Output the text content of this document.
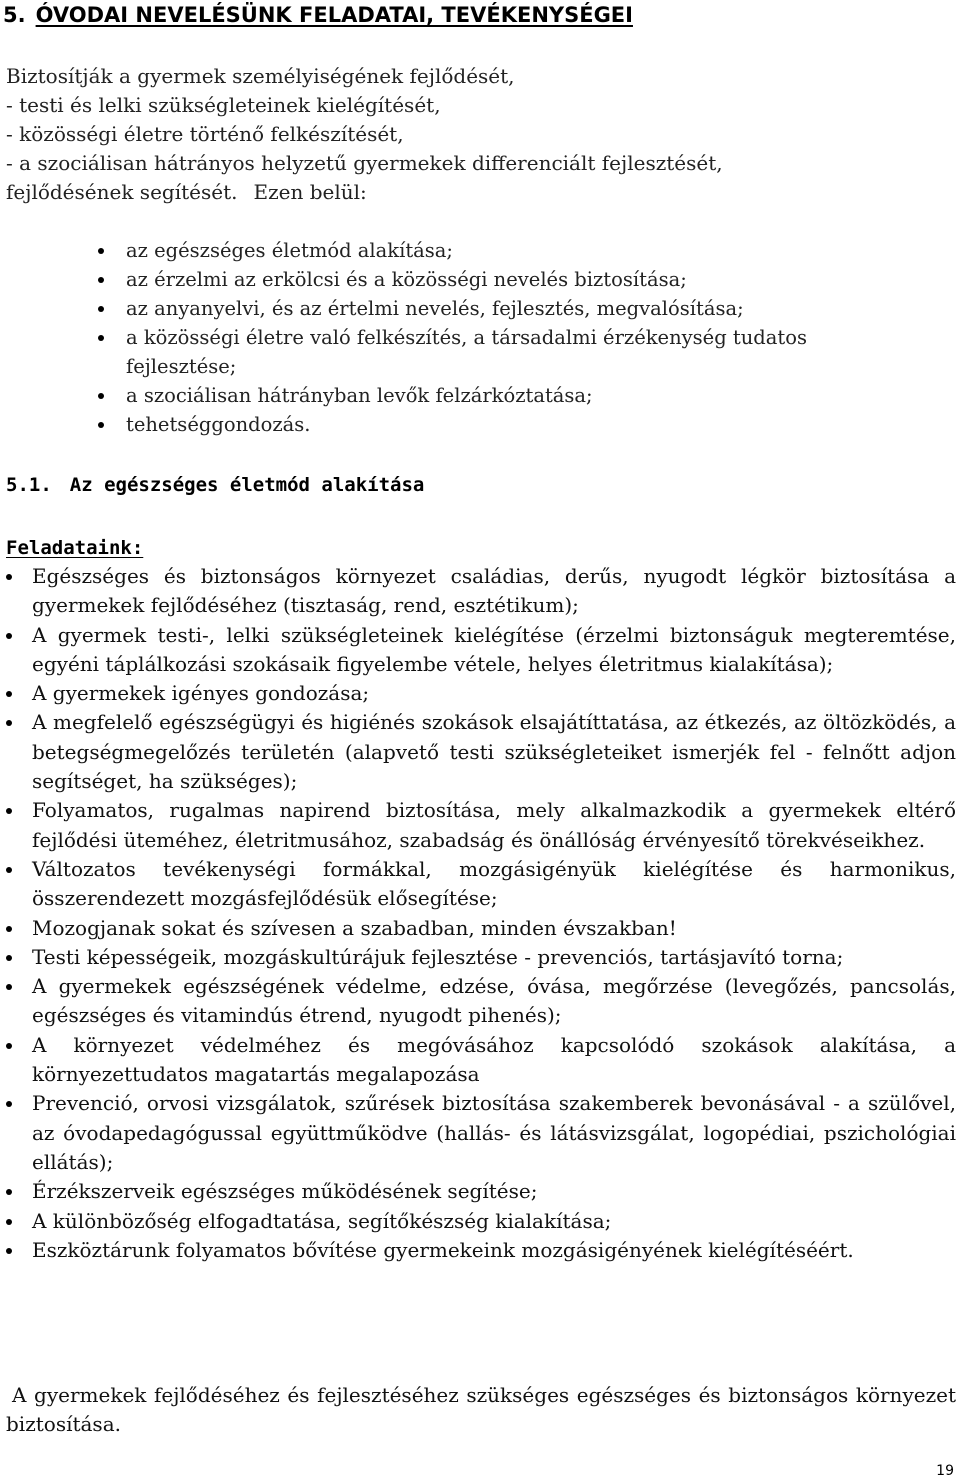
5. ÓVODAI NEVELÉSÜNK FELADATAI, TEVÉKENYSÉGEI

Biztosítják a gyermek személyiségének fejlődését,

- testi és lelki szükségleteinek kielégítését,

- közösségi életre történő felkészítését,

- a szociálisan hátrányos helyzetű gyermekek differenciált fejlesztését,

fejlődésének segítését. Ezen belül:

az egészséges életmód alakítása;
az érzelmi az erkölcsi és a közösségi nevelés biztosítása;
az anyanyelvi, és az értelmi nevelés, fejlesztés, megvalósítása;
a közösségi életre való felkészítés, a társadalmi érzékenység tudatos fejlesztése;
a szociálisan hátrányban levők felzárkóztatása;
tehetséggondozás.
5.1. Az egészséges életmód alakítása

Feladataink:

Egészséges és biztonságos környezet családias, derűs, nyugodt légkör biztosítása a gyermekek fejlődéséhez (tisztaság, rend, esztétikum);
A gyermek testi-, lelki szükségleteinek kielégítése (érzelmi biztonságuk megteremtése, egyéni táplálkozási szokásaik figyelembe vétele, helyes életritmus kialakítása);
A gyermekek igényes gondozása;
A megfelelő egészségügyi és higiénés szokások elsajátíttatása, az étkezés, az öltözködés, a betegségmegelőzés területén (alapvető testi szükségleteiket ismerjék fel - felnőtt adjon segítséget, ha szükséges);
Folyamatos, rugalmas napirend biztosítása, mely alkalmazkodik a gyermekek eltérő fejlődési üteméhez, életritmusához, szabadság és önállóság érvényesítő törekvéseikhez.
Változatos tevékenységi formákkal, mozgásigényük kielégítése és harmonikus, összerendezett mozgásfejlődésük elősegítése;
Mozogjanak sokat és szívesen a szabadban, minden évszakban!
Testi képességeik, mozgáskultúrájuk fejlesztése - prevenciós, tartásjavító torna;
A gyermekek egészségének védelme, edzése, óvása, megőrzése (levegőzés, pancsolás, egészséges és vitamindús étrend, nyugodt pihenés);
A környezet védelméhez és megóvásához kapcsolódó szokások alakítása, a környezettudatos magatartás megalapozása
Prevenció, orvosi vizsgálatok, szűrések biztosítása szakemberek bevonásával - a szülővel, az óvodapedagógussal együttműködve (hallás- és látásvizsgálat, logopédiai, pszichológiai ellátás);
Érzékszerveik egészséges működésének segítése;
A különbözőség elfogadtatása, segítőkészség kialakítása;
Eszköztárunk folyamatos bővítése gyermekeink mozgásigényének kielégítéséért.

A gyermekek fejlődéséhez és fejlesztéséhez szükséges egészséges és biztonságos környezet biztosítása.

19
